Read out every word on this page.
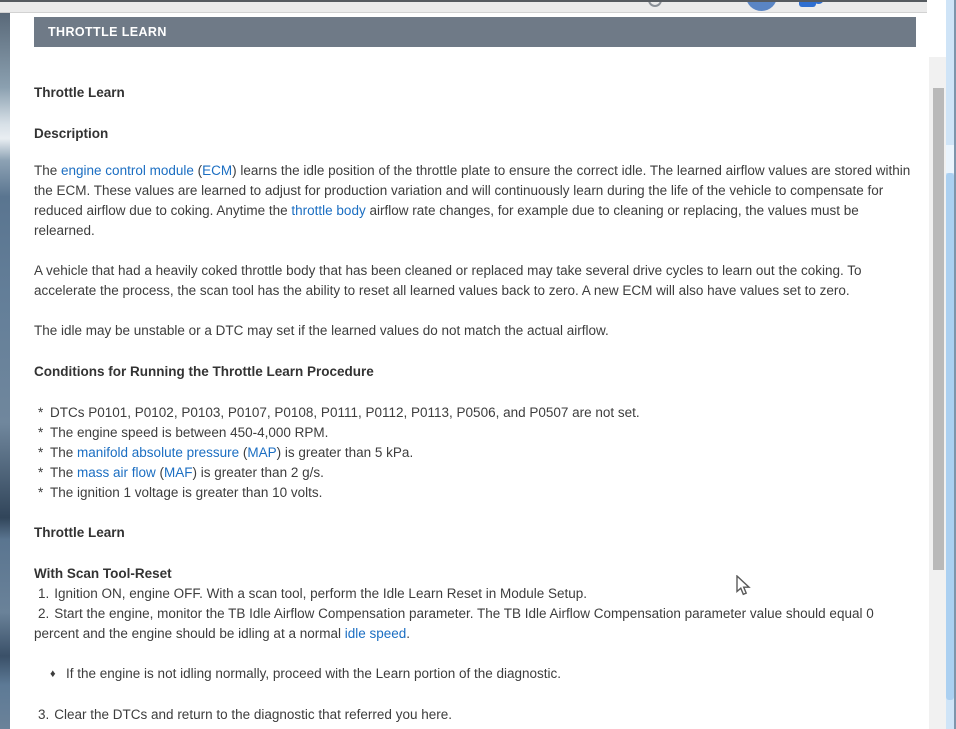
THROTTLE LEARN
Throttle Learn
Description

The engine control module (ECM) learns the idle position of the throttle plate to ensure the correct idle. The learned airflow values are stored within the ECM. These values are learned to adjust for production variation and will continuously learn during the life of the vehicle to compensate for reduced airflow due to coking. Anytime the throttle body airflow rate changes, for example due to cleaning or replacing, the values must be relearned.

A vehicle that had a heavily coked throttle body that has been cleaned or replaced may take several drive cycles to learn out the coking. To accelerate the process, the scan tool has the ability to reset all learned values back to zero. A new ECM will also have values set to zero.

The idle may be unstable or a DTC may set if the learned values do not match the actual airflow.

Conditions for Running the Throttle Learn Procedure
* DTCs P0101, P0102, P0103, P0107, P0108, P0111, P0112, P0113, P0506, and P0507 are not set.
* The engine speed is between 450-4,000 RPM.
* The manifold absolute pressure (MAP) is greater than 5 kPa.
* The mass air flow (MAF) is greater than 2 g/s.
* The ignition 1 voltage is greater than 10 volts.
Throttle Learn
With Scan Tool-Reset
1. Ignition ON, engine OFF. With a scan tool, perform the Idle Learn Reset in Module Setup.
2. Start the engine, monitor the TB Idle Airflow Compensation parameter. The TB Idle Airflow Compensation parameter value should equal 0 percent and the engine should be idling at a normal idle speed.
♦ If the engine is not idling normally, proceed with the Learn portion of the diagnostic.
3. Clear the DTCs and return to the diagnostic that referred you here.
